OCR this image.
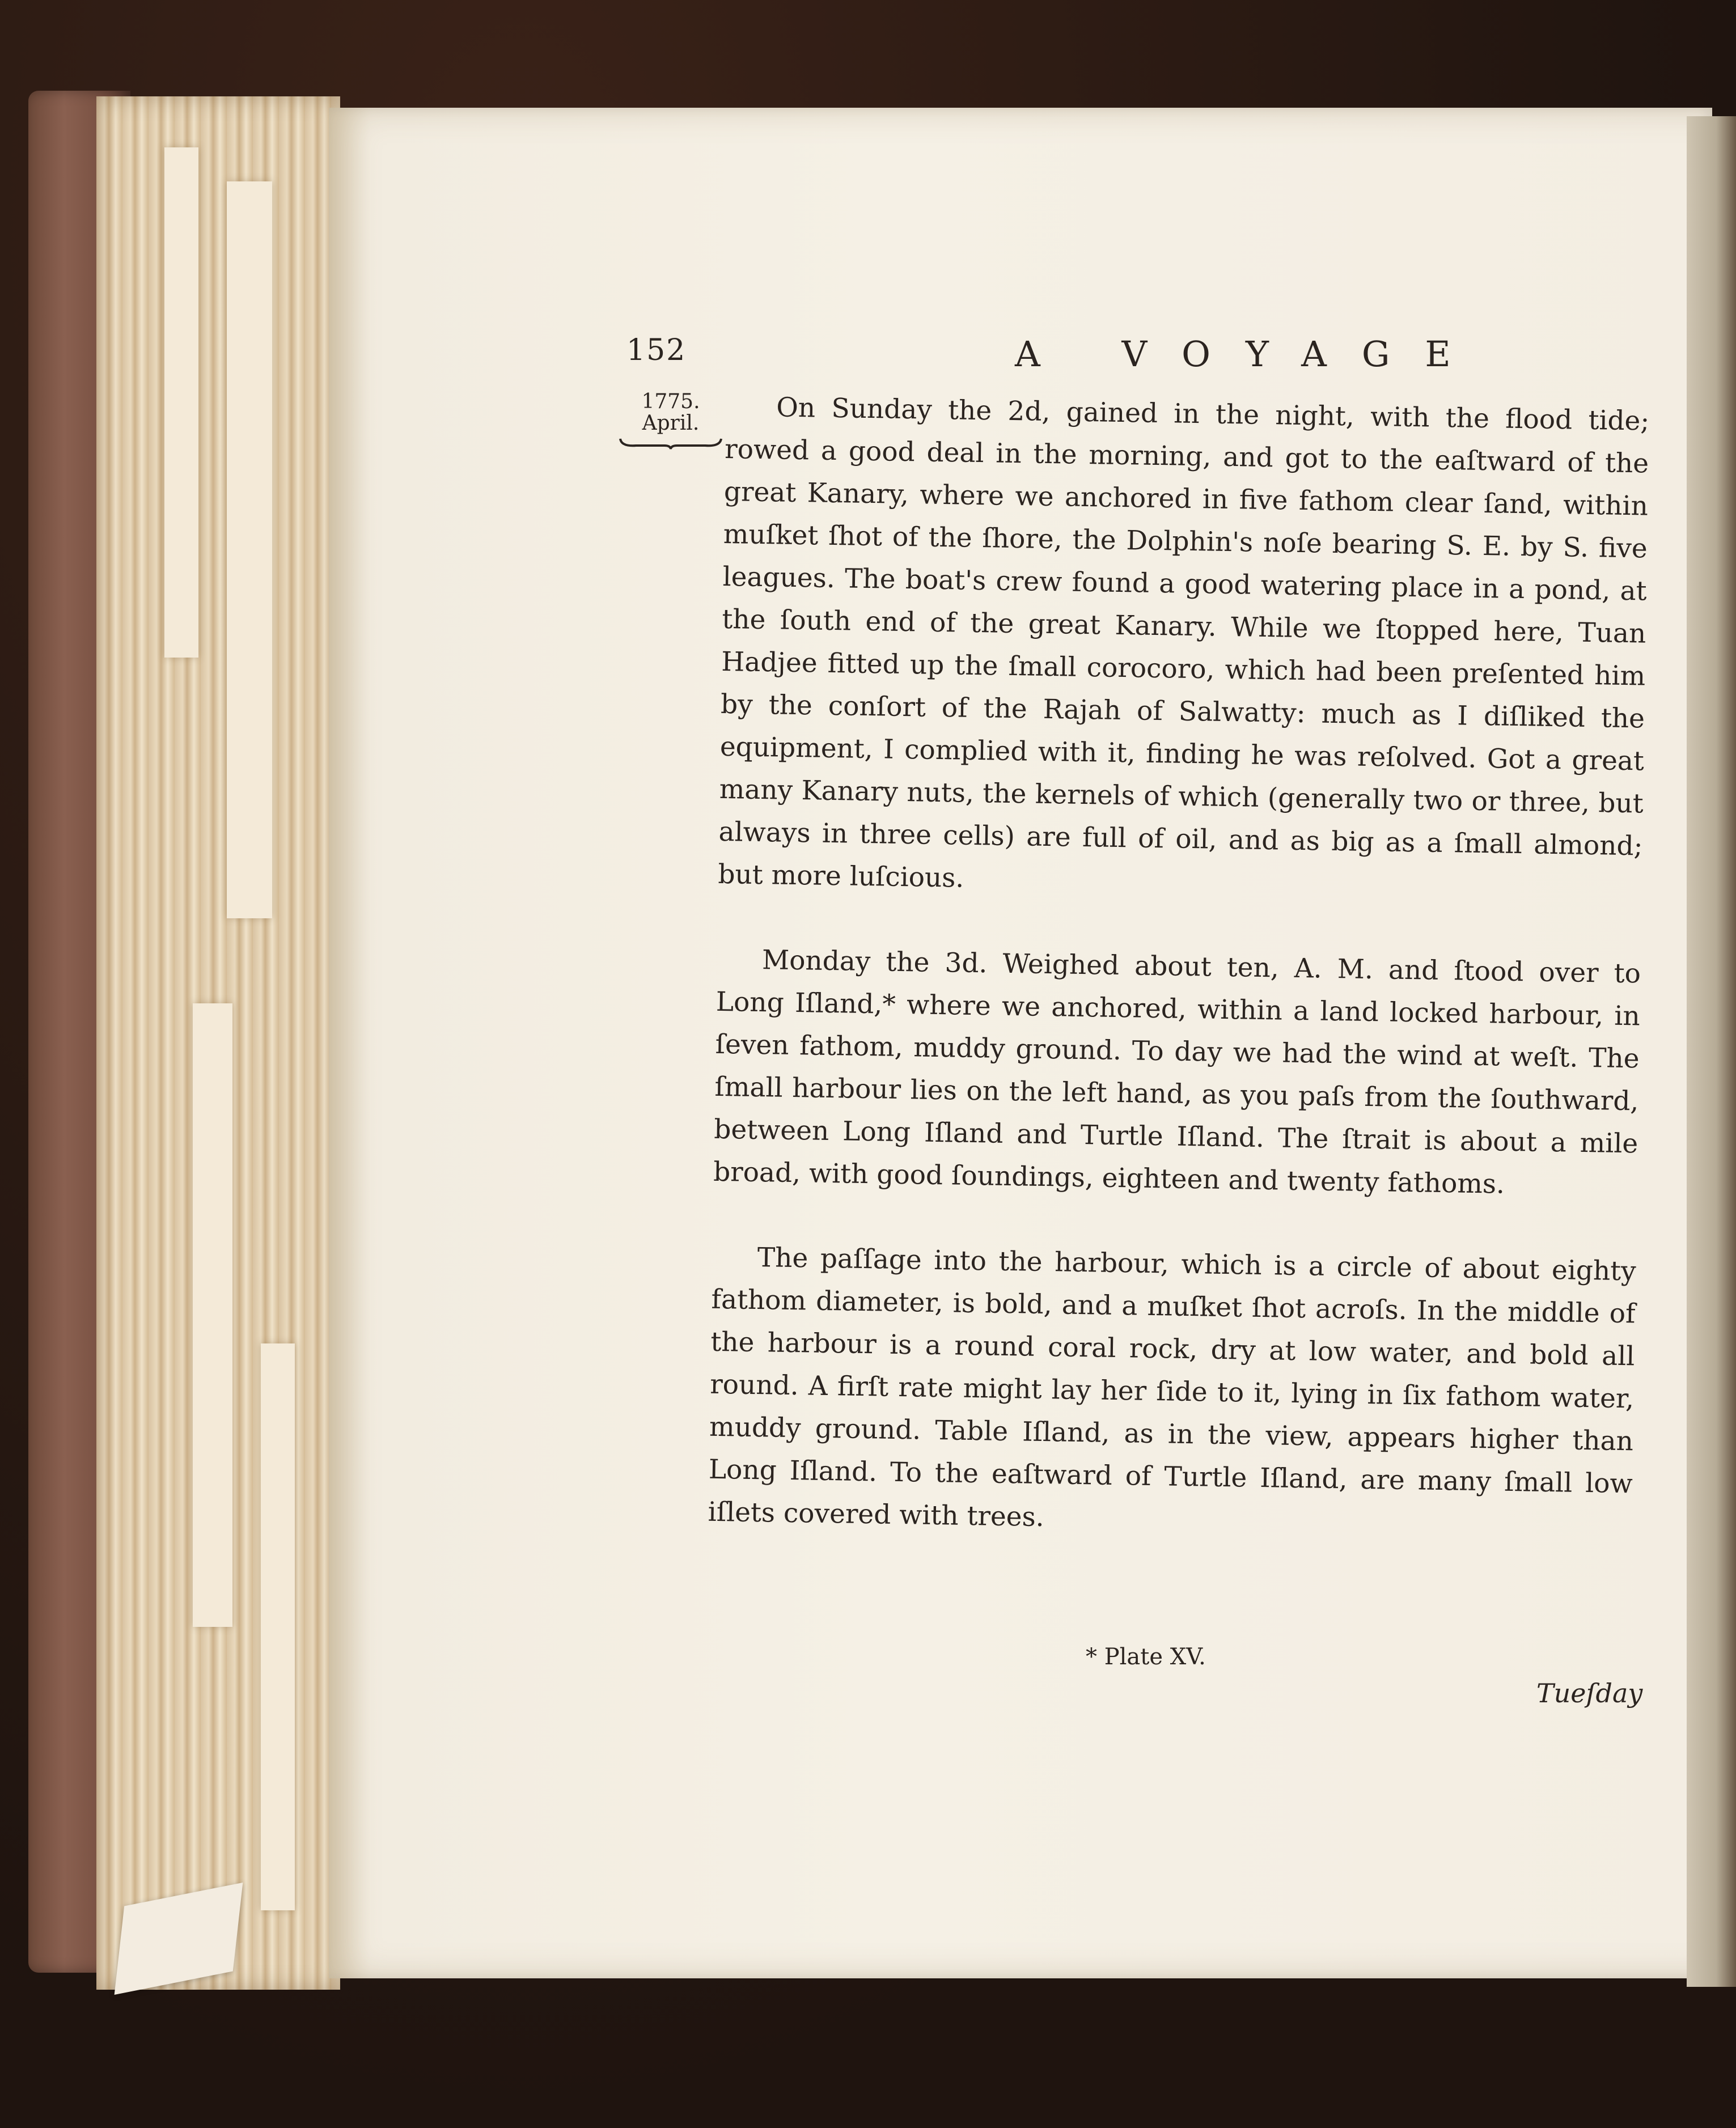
152	A VOYAGE
1775.
April.	On Sunday the 2d, gained in the night, with the flood tide; rowed a good deal in the morning, and got to the eaſtward of the great Kanary, where we anchored in five fathom clear ſand, within muſket ſhot of the ſhore, the Dolphin's noſe bearing S. E. by S. five leagues. The boat's crew found a good watering place in a pond, at the ſouth end of the great Kanary. While we ſtopped here, Tuan Hadjee fitted up the ſmall corocoro, which had been preſented him by the conſort of the Rajah of Salwatty: much as I diſliked the equipment, I complied with it, finding he was reſolved. Got a great many Kanary nuts, the kernels of which (generally two or three, but always in three cells) are full of oil, and as big as a ſmall almond; but more luſcious.

Monday the 3d. Weighed about ten, A. M. and ſtood over to Long Iſland,* where we anchored, within a land locked harbour, in ſeven fathom, muddy ground. To day we had the wind at weſt. The ſmall harbour lies on the left hand, as you paſs from the ſouthward, between Long Iſland and Turtle Iſland. The ſtrait is about a mile broad, with good ſoundings, eighteen and twenty fathoms.

The paſſage into the harbour, which is a circle of about eighty fathom diameter, is bold, and a muſket ſhot acroſs. In the middle of the harbour is a round coral rock, dry at low water, and bold all round. A firſt rate might lay her ſide to it, lying in ſix fathom water, muddy ground. Table Iſland, as in the view, appears higher than Long Iſland. To the eaſtward of Turtle Iſland, are many ſmall low iſlets covered with trees.

* Plate XV.
Tueſday
